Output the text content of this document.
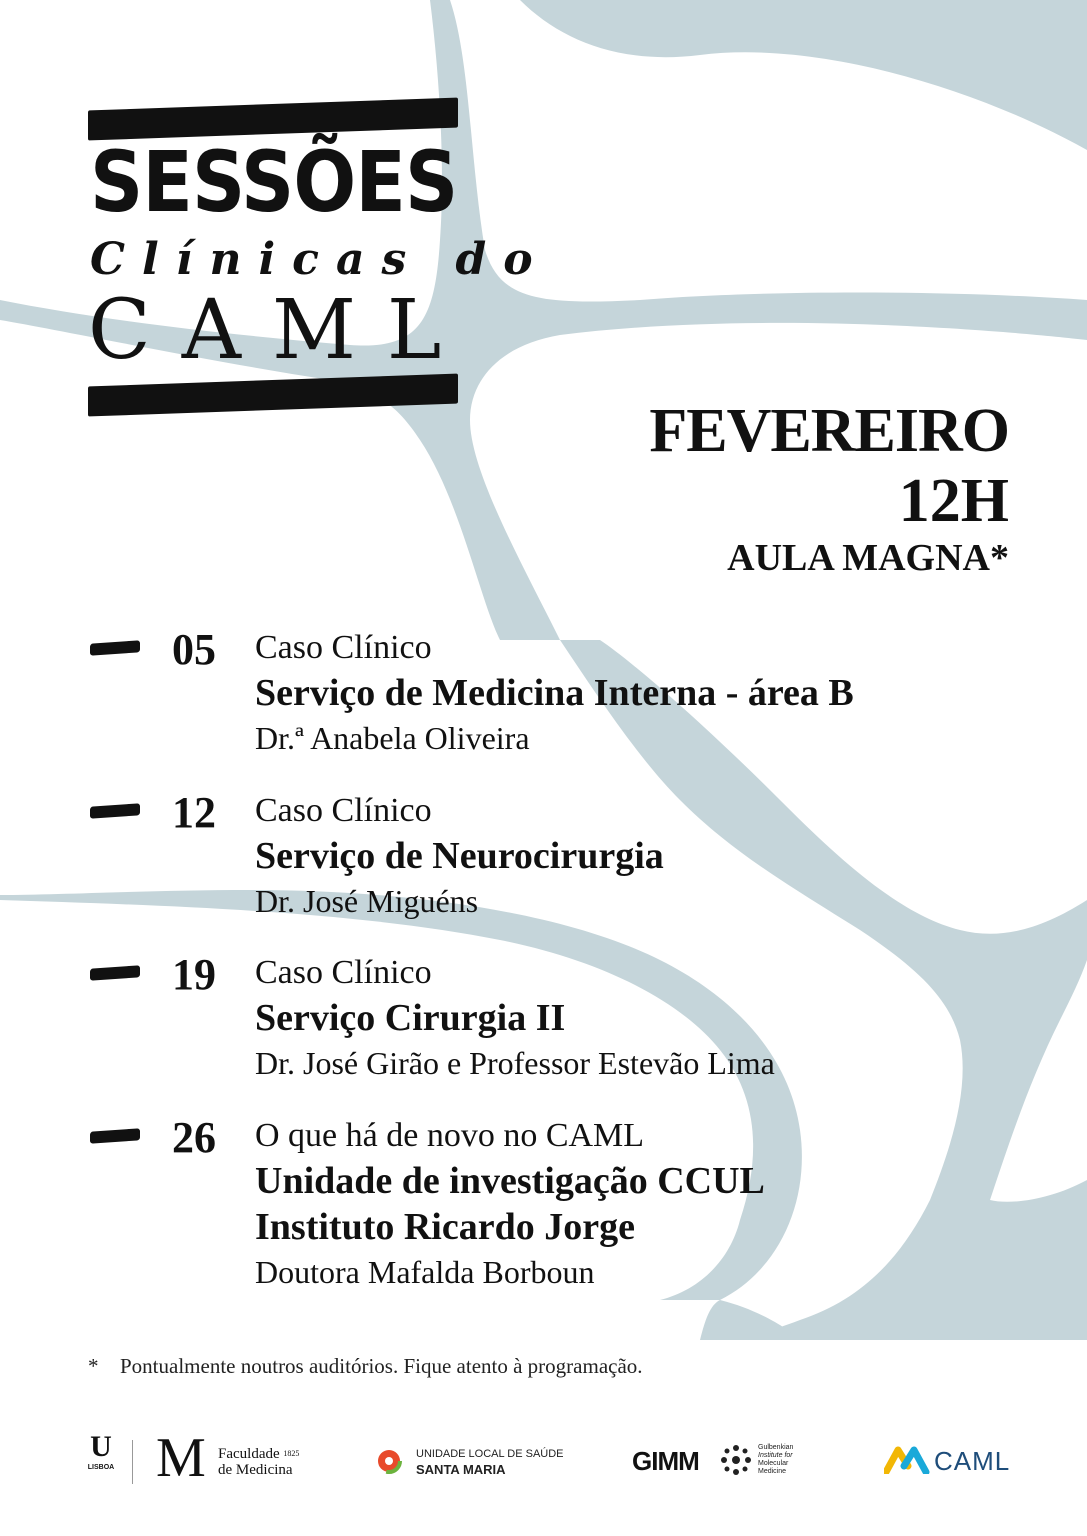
SESSÕES
Clínicas do
CAML
FEVEREIRO
12H
AULA MAGNA*
05	Caso Clínico
Serviço de Medicina Interna - área B
Dr.ª Anabela Oliveira
12	Caso Clínico
Serviço de Neurocirurgia
Dr. José Miguéns
19	Caso Clínico
Serviço Cirurgia II
Dr. José Girão e Professor Estevão Lima
26	O que há de novo no CAML
Unidade de investigação CCUL
Instituto Ricardo Jorge
Doutora Mafalda Borboun
* Pontualmente noutros auditórios. Fique atento à programação.
U
LISBOA M Faculdade $^{1825}$
de Medicina
UNIDADE LOCAL DE SAÚDE
SANTA MARIA	GIMM	Gulbenkian
Institute for
Molecular
Medicine	CAML
